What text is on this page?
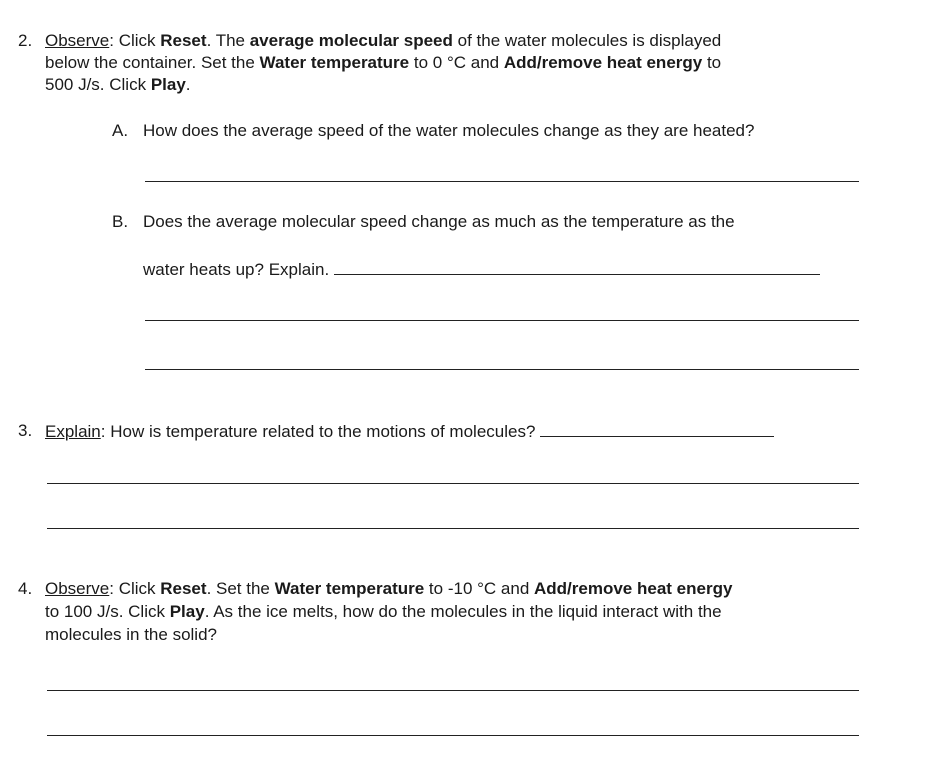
2. Observe: Click Reset. The average molecular speed of the water molecules is displayed
below the container. Set the Water temperature to 0 °C and Add/remove heat energy to
500 J/s. Click Play.
A. How does the average speed of the water molecules change as they are heated?
B. Does the average molecular speed change as much as the temperature as the
water heats up? Explain.
3. Explain: How is temperature related to the motions of molecules?
4. Observe: Click Reset. Set the Water temperature to -10 °C and Add/remove heat energy
to 100 J/s. Click Play. As the ice melts, how do the molecules in the liquid interact with the
molecules in the solid?
